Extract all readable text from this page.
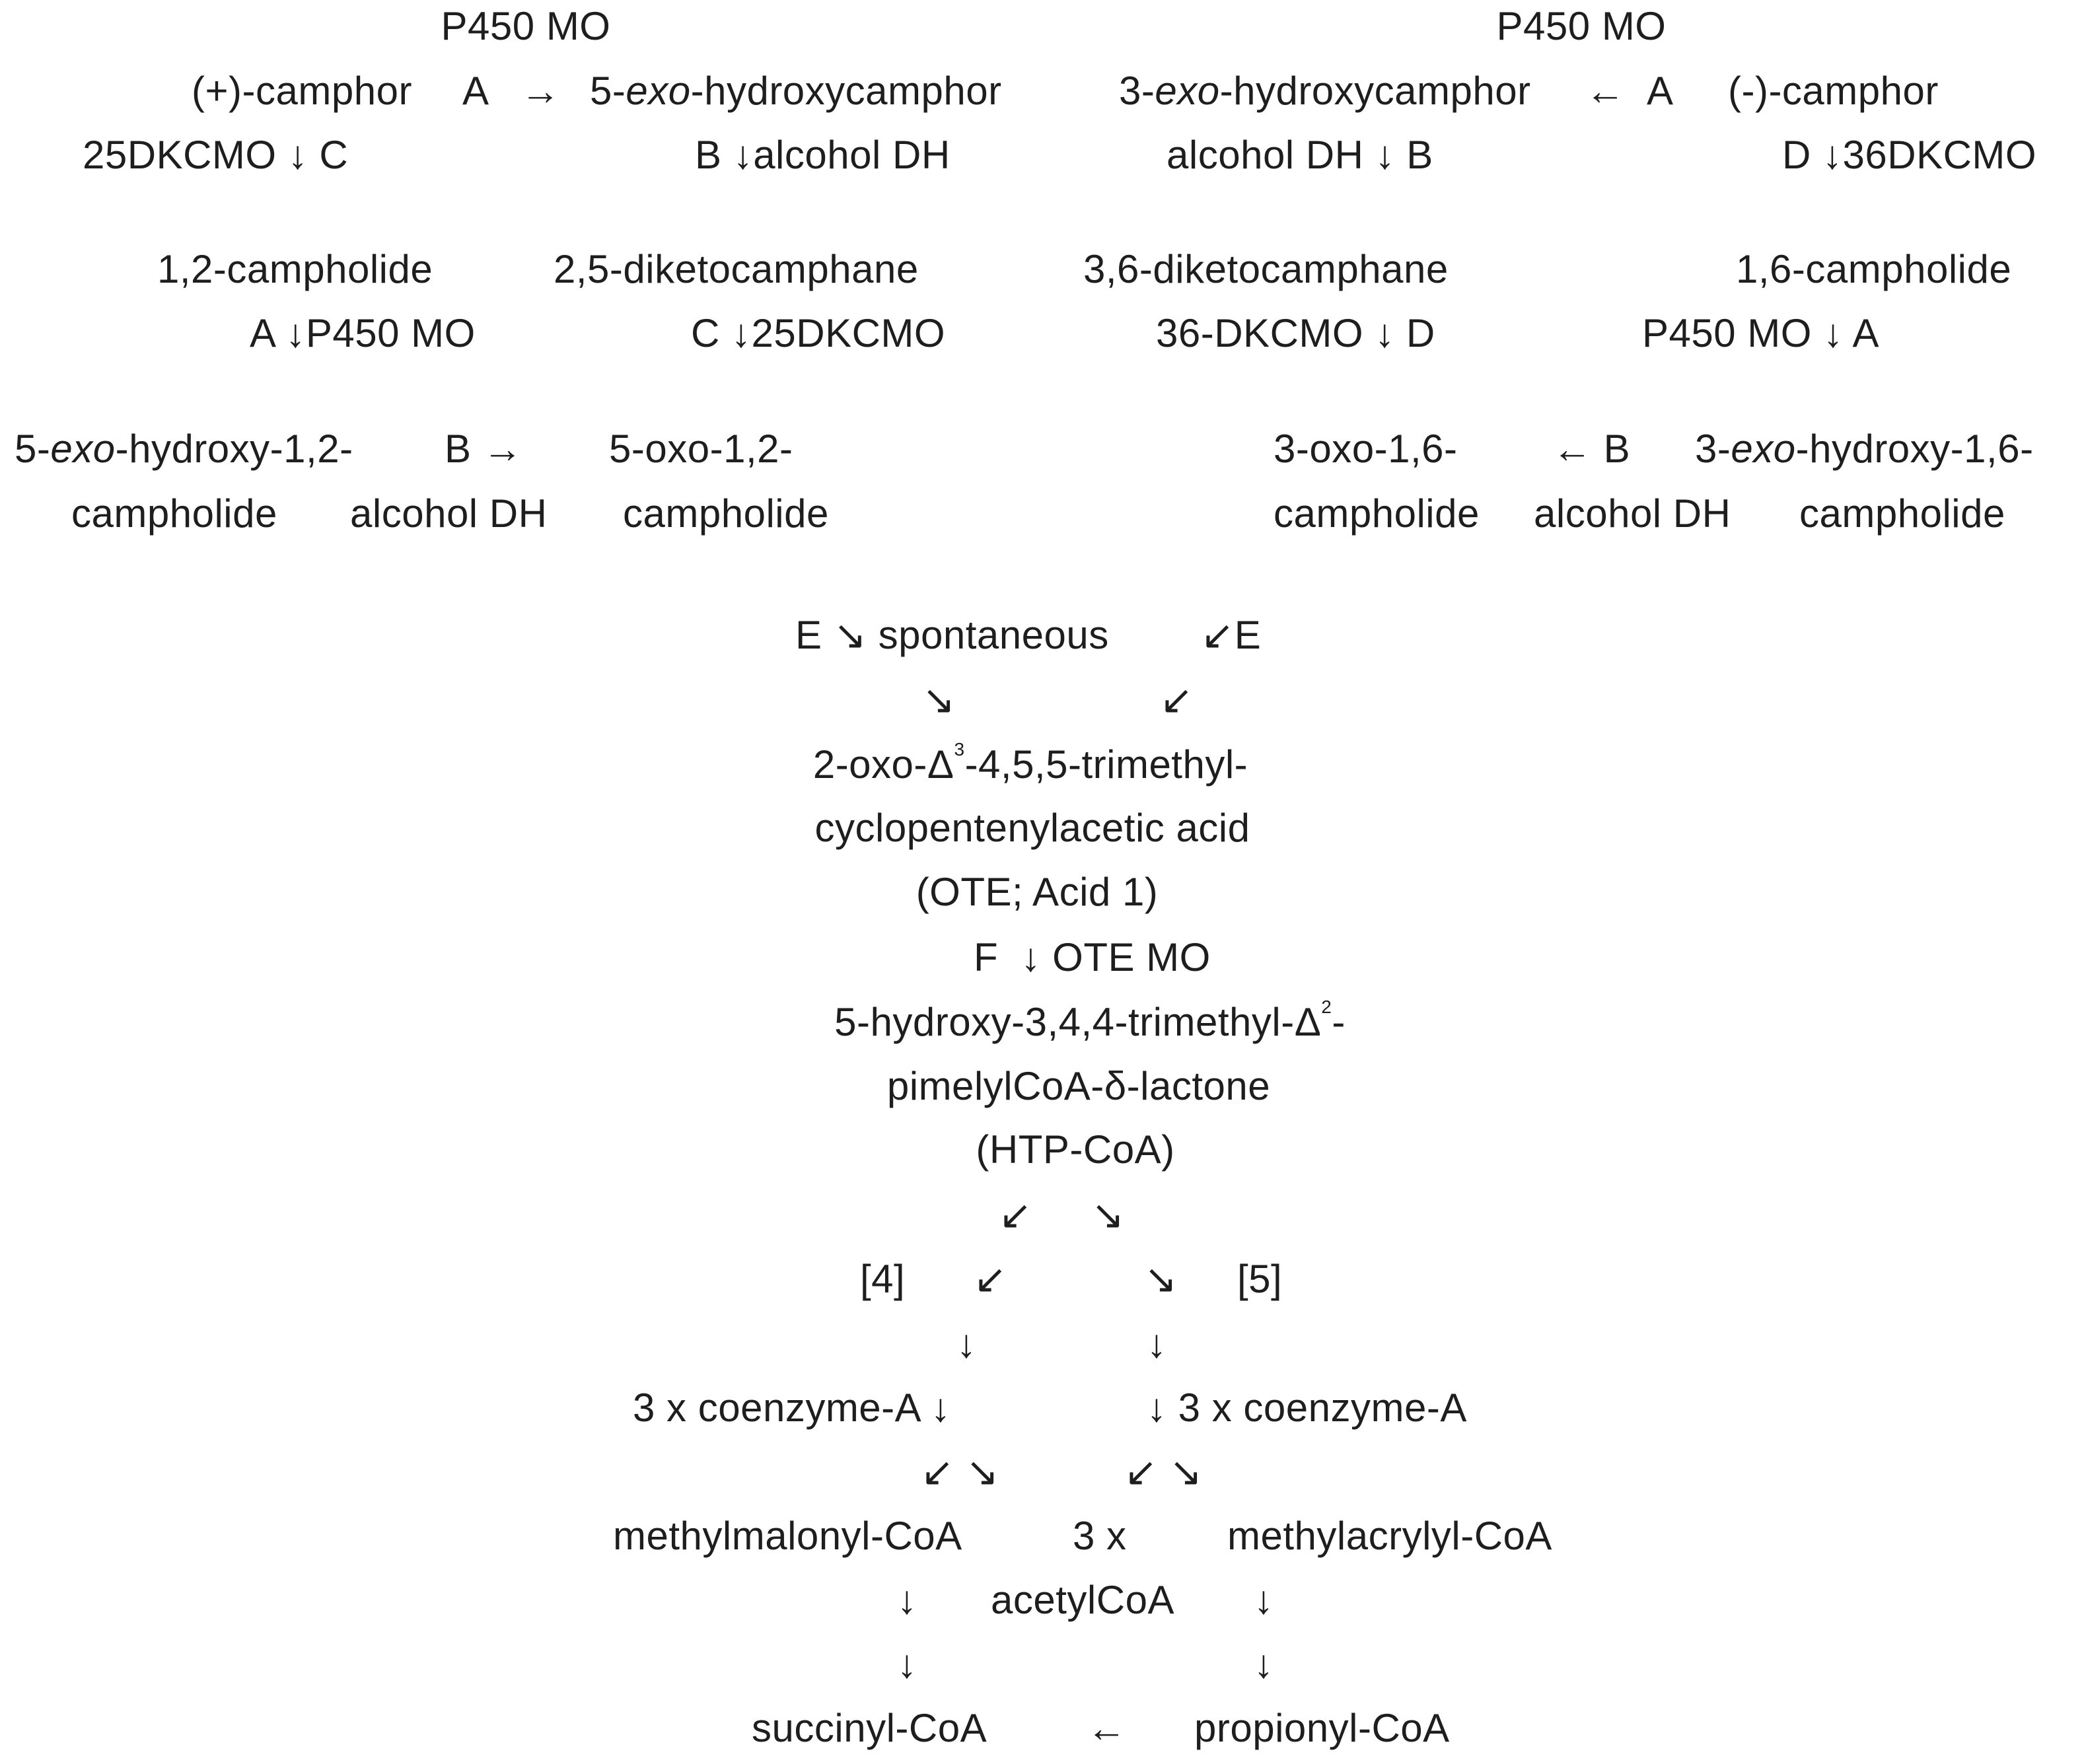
P450 MO
(+)-camphor A → 5-exo-hydroxycamphor
25DKCMO ↓ C	B ↓alcohol DH
1,2-campholide	2,5-diketocamphane
A ↓P450 MO	C ↓25DKCMO
5-exo-hydroxy-1,2-
campholide
B →
alcohol DH
5-oxo-1,2-
campholide
P450 MO
3-exo-hydroxycamphor ← A (-)-camphor
alcohol DH ↓ B	D ↓36DKCMO
3,6-diketocamphane	1,6-campholide
36-DKCMO ↓ D	P450 MO ↓ A
3-oxo-1,6-
campholide
← B
alcohol DH
3-exo-hydroxy-1,6-
campholide
E ↘ spontaneous ↙E
↘	↙
$2-oxo-\Delta^3-4,5,5-trimethyl-$
cyclopentenylacetic acid
(OTE; Acid 1)
F  ↓ OTE MO
$5-hydroxy-3,4,4-trimethyl-\Delta^2-$
pimelylCoA-δ-lactone
(HTP-CoA)
↙ ↘
[4] ↙	↘ [5]
↓	↓
3 x coenzyme-A ↓	↓ 3 x coenzyme-A
↙ ↘	↙ ↘
methylmalonyl-CoA	3 x	methylacrylyl-CoA
↓ acetylCoA ↓
↓	↓
succinyl-CoA	← propionyl-CoA
